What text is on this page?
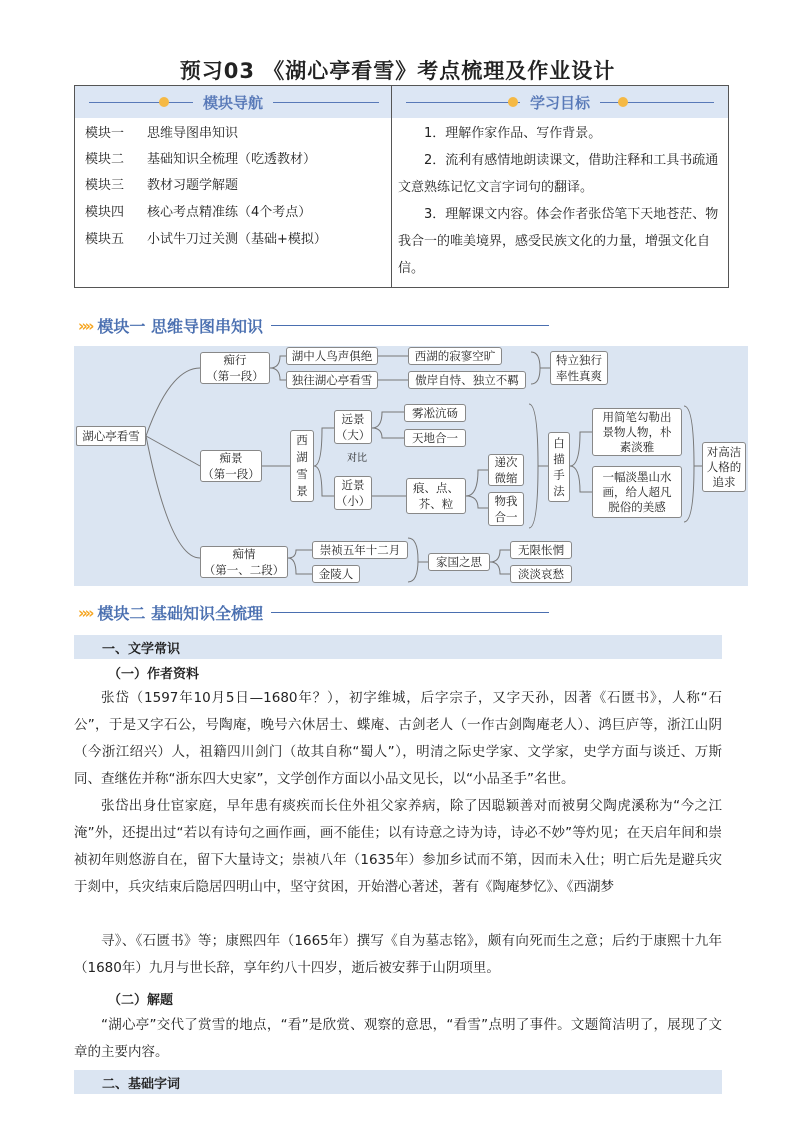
预习03 《湖心亭看雪》考点梳理及作业设计
模块导航
模块一	思维导图串知识
模块二	基础知识全梳理（吃透教材）
模块三	教材习题学解题
模块四	核心考点精准练（4个考点）
模块五	小试牛刀过关测（基础+模拟）
学习目标
1．理解作家作品、写作背景。
2．流利有感情地朗读课文，借助注释和工具书疏通文意熟练记忆文言字词句的翻译。
3．理解课文内容。体会作者张岱笔下天地苍茫、物我合一的唯美境界，感受民族文化的力量，增强文化自信。
»» 模块一 思维导图串知识
湖心亭看雪
痴行
（第一段）
湖中人鸟声俱绝
独往湖心亭看雪
西湖的寂寥空旷
傲岸自恃、独立不羁
特立独行
率性真爽
痴景
（第一段）
西
湖
雪
景
远景
（大）
对比
近景
（小）
雾凇沆砀
天地合一
痕、点、
芥、粒
递次
微缩
物我
合一
白
描
手
法
用简笔勾勒出
景物人物，朴
素淡雅
一幅淡墨山水
画，给人超凡
脱俗的美感
对高洁
人格的
追求
痴情
（第一、二段）
崇祯五年十二月
金陵人
家国之思
无限怅惘
淡淡哀愁
»» 模块二 基础知识全梳理
一、文学常识
（一）作者资料
张岱（1597年10月5日—1680年？），初字维城，后字宗子，又字天孙，因著《石匮书》，人称“石公”，于是又字石公，号陶庵，晚号六休居士、蝶庵、古剑老人（一作古剑陶庵老人）、鸿巨庐等，浙江山阴（今浙江绍兴）人，祖籍四川剑门（故其自称“蜀人”），明清之际史学家、文学家，史学方面与谈迁、万斯同、查继佐并称“浙东四大史家”，文学创作方面以小品文见长，以“小品圣手”名世。
张岱出身仕宦家庭，早年患有痰疾而长住外祖父家养病，除了因聪颖善对而被舅父陶虎溪称为“今之江淹”外，还提出过“若以有诗句之画作画，画不能佳；以有诗意之诗为诗，诗必不妙”等灼见；在天启年间和崇祯初年则悠游自在，留下大量诗文；崇祯八年（1635年）参加乡试而不第，因而未入仕；明亡后先是避兵灾于剡中，兵灾结束后隐居四明山中，坚守贫困，开始潜心著述，著有《陶庵梦忆》、《西湖梦
寻》、《石匮书》等；康熙四年（1665年）撰写《自为墓志铭》，颇有向死而生之意；后约于康熙十九年（1680年）九月与世长辞，享年约八十四岁，逝后被安葬于山阴项里。
（二）解题
“湖心亭”交代了赏雪的地点，“看”是欣赏、观察的意思，“看雪”点明了事件。文题简洁明了，展现了文章的主要内容。
二、基础字词
